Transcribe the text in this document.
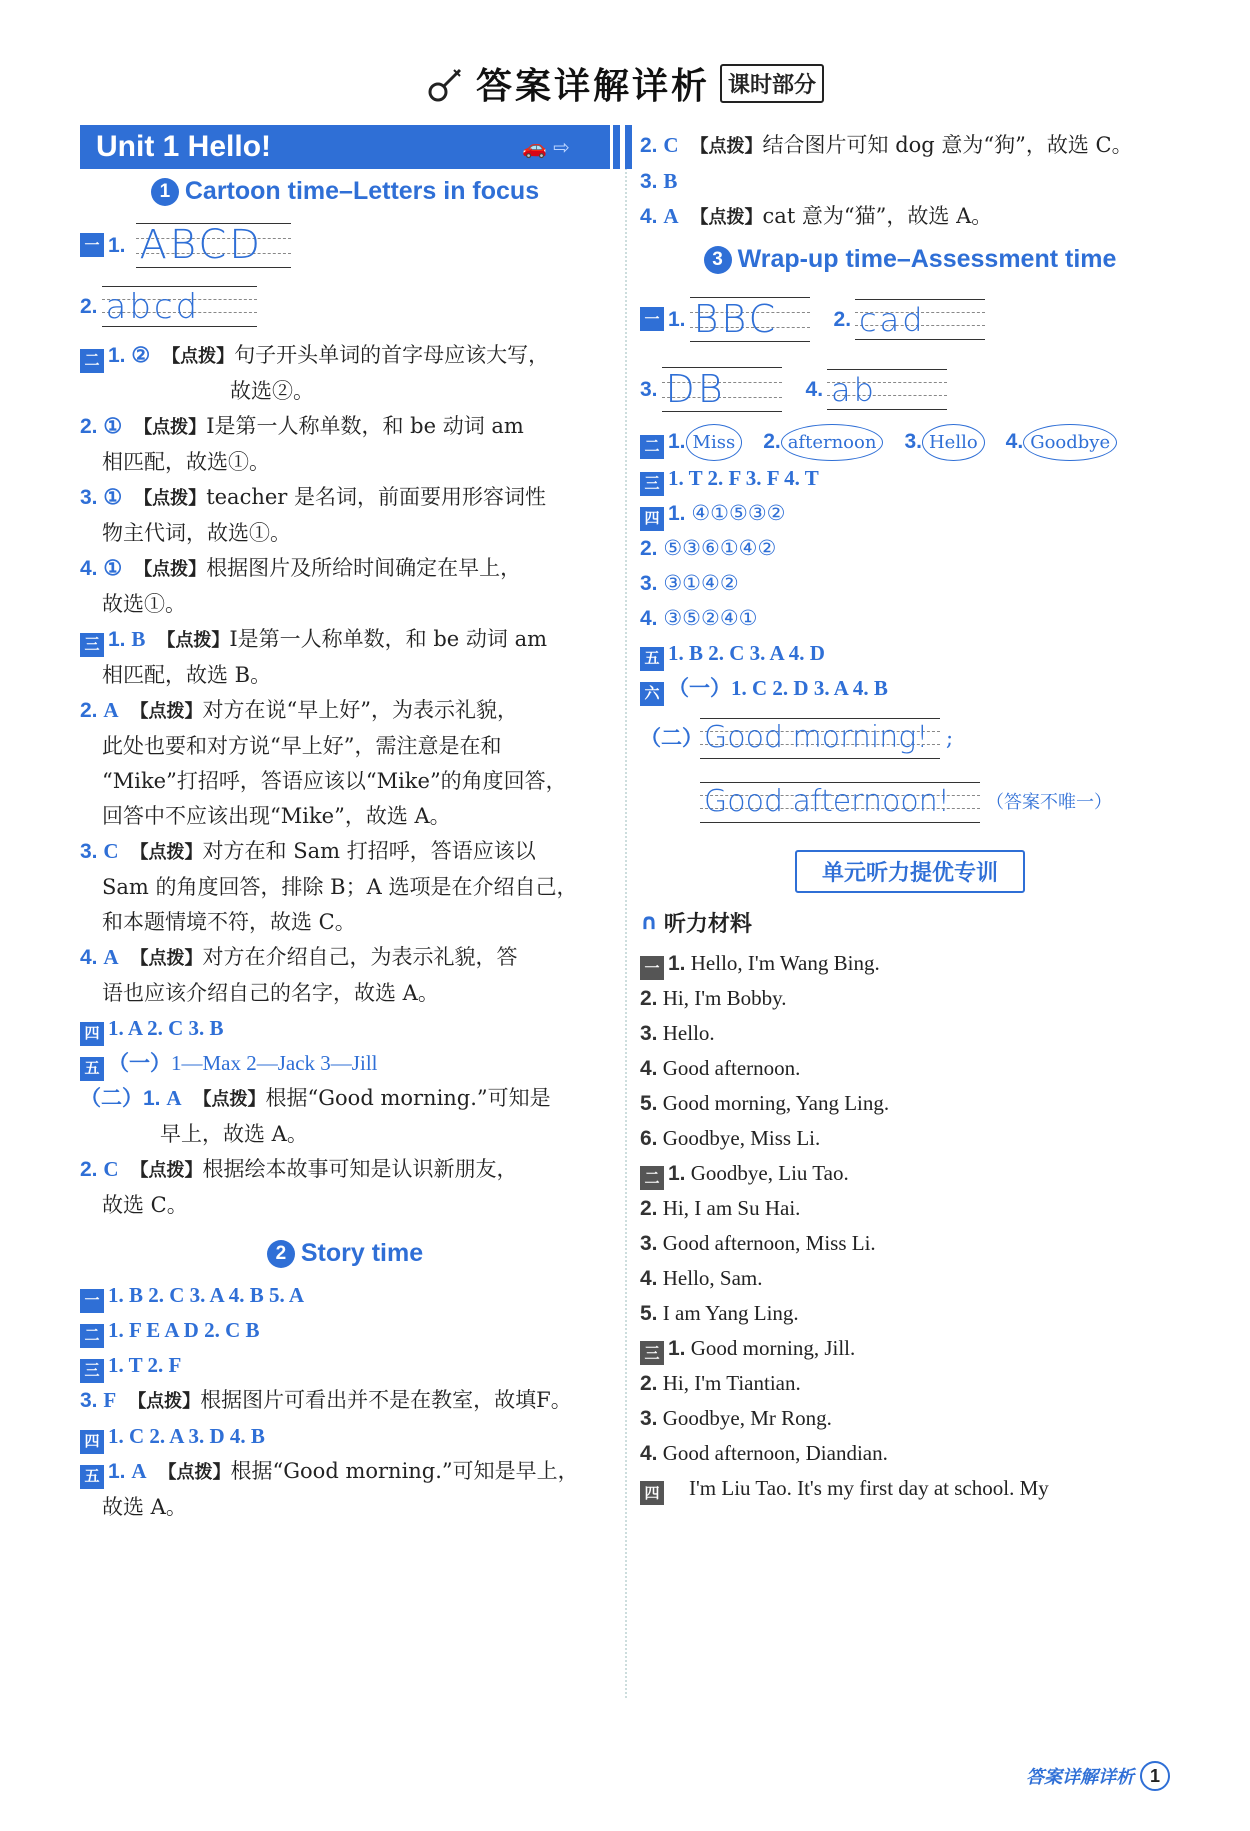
答案详解详析 课时部分
Unit 1 Hello!	🚗 ⇨
1 Cartoon time–Letters in focus
一 1. ABCD
2. abcd
二 1. ②　 【点拨】句子开头单词的首字母应该大写，
故选②。
2. ①　 【点拨】I是第一人称单数，和 be 动词 am
相匹配，故选①。
3. ①　 【点拨】teacher 是名词，前面要用形容词性
物主代词，故选①。
4. ①　 【点拨】根据图片及所给时间确定在早上，
故选①。
三 1. B　 【点拨】I是第一人称单数，和 be 动词 am
相匹配，故选 B。
2. A　 【点拨】对方在说“早上好”，为表示礼貌，
此处也要和对方说“早上好”，需注意是在和
“Mike”打招呼，答语应该以“Mike”的角度回答，
回答中不应该出现“Mike”，故选 A。
3. C　 【点拨】对方在和 Sam 打招呼，答语应该以
Sam 的角度回答，排除 B；A 选项是在介绍自己，
和本题情境不符，故选 C。
4. A　 【点拨】对方在介绍自己，为表示礼貌，答
语也应该介绍自己的名字，故选 A。
四 1. A 2. C 3. B
五 （一）1—Max 2—Jack 3—Jill
（二）1. A　 【点拨】根据“Good morning.”可知是
早上，故选 A。
2. C　 【点拨】根据绘本故事可知是认识新朋友，
故选 C。
2 Story time
一 1. B 2. C 3. A 4. B 5. A
二 1. F E A D 2. C B
三 1. T 2. F
3. F　 【点拨】根据图片可看出并不是在教室，故填F。
四 1. C 2. A 3. D 4. B
五 1. A　 【点拨】根据“Good morning.”可知是早上，
故选 A。
2. C　 【点拨】结合图片可知 dog 意为“狗”，故选 C。
3. B
4. A　 【点拨】cat 意为“猫”，故选 A。
3 Wrap-up time–Assessment time
一 1. BBC	2. cad
3. DB	4. ab
二 1. Miss　 2. afternoon　 3. Hello　 4. Goodbye
三 1. T 2. F 3. F 4. T
四 1. ④①⑤③②
2. ⑤③⑥①④②
3. ③①④②
4. ③⑤②④①
五 1. B 2. C 3. A 4. D
六 （一）1. C 2. D 3. A 4. B
（二） Good morning! ;
Good afternoon!	（答案不唯一）
单元听力提优专训
∩ 听力材料
一 1. Hello, I'm Wang Bing.
2. Hi, I'm Bobby.
3. Hello.
4. Good afternoon.
5. Good morning, Yang Ling.
6. Goodbye, Miss Li.
二 1. Goodbye, Liu Tao.
2. Hi, I am Su Hai.
3. Good afternoon, Miss Li.
4. Hello, Sam.
5. I am Yang Ling.
三 1. Good morning, Jill.
2. Hi, I'm Tiantian.
3. Goodbye, Mr Rong.
4. Good afternoon, Diandian.
四　 I'm Liu Tao. It's my first day at school. My
答案详解详析 1
